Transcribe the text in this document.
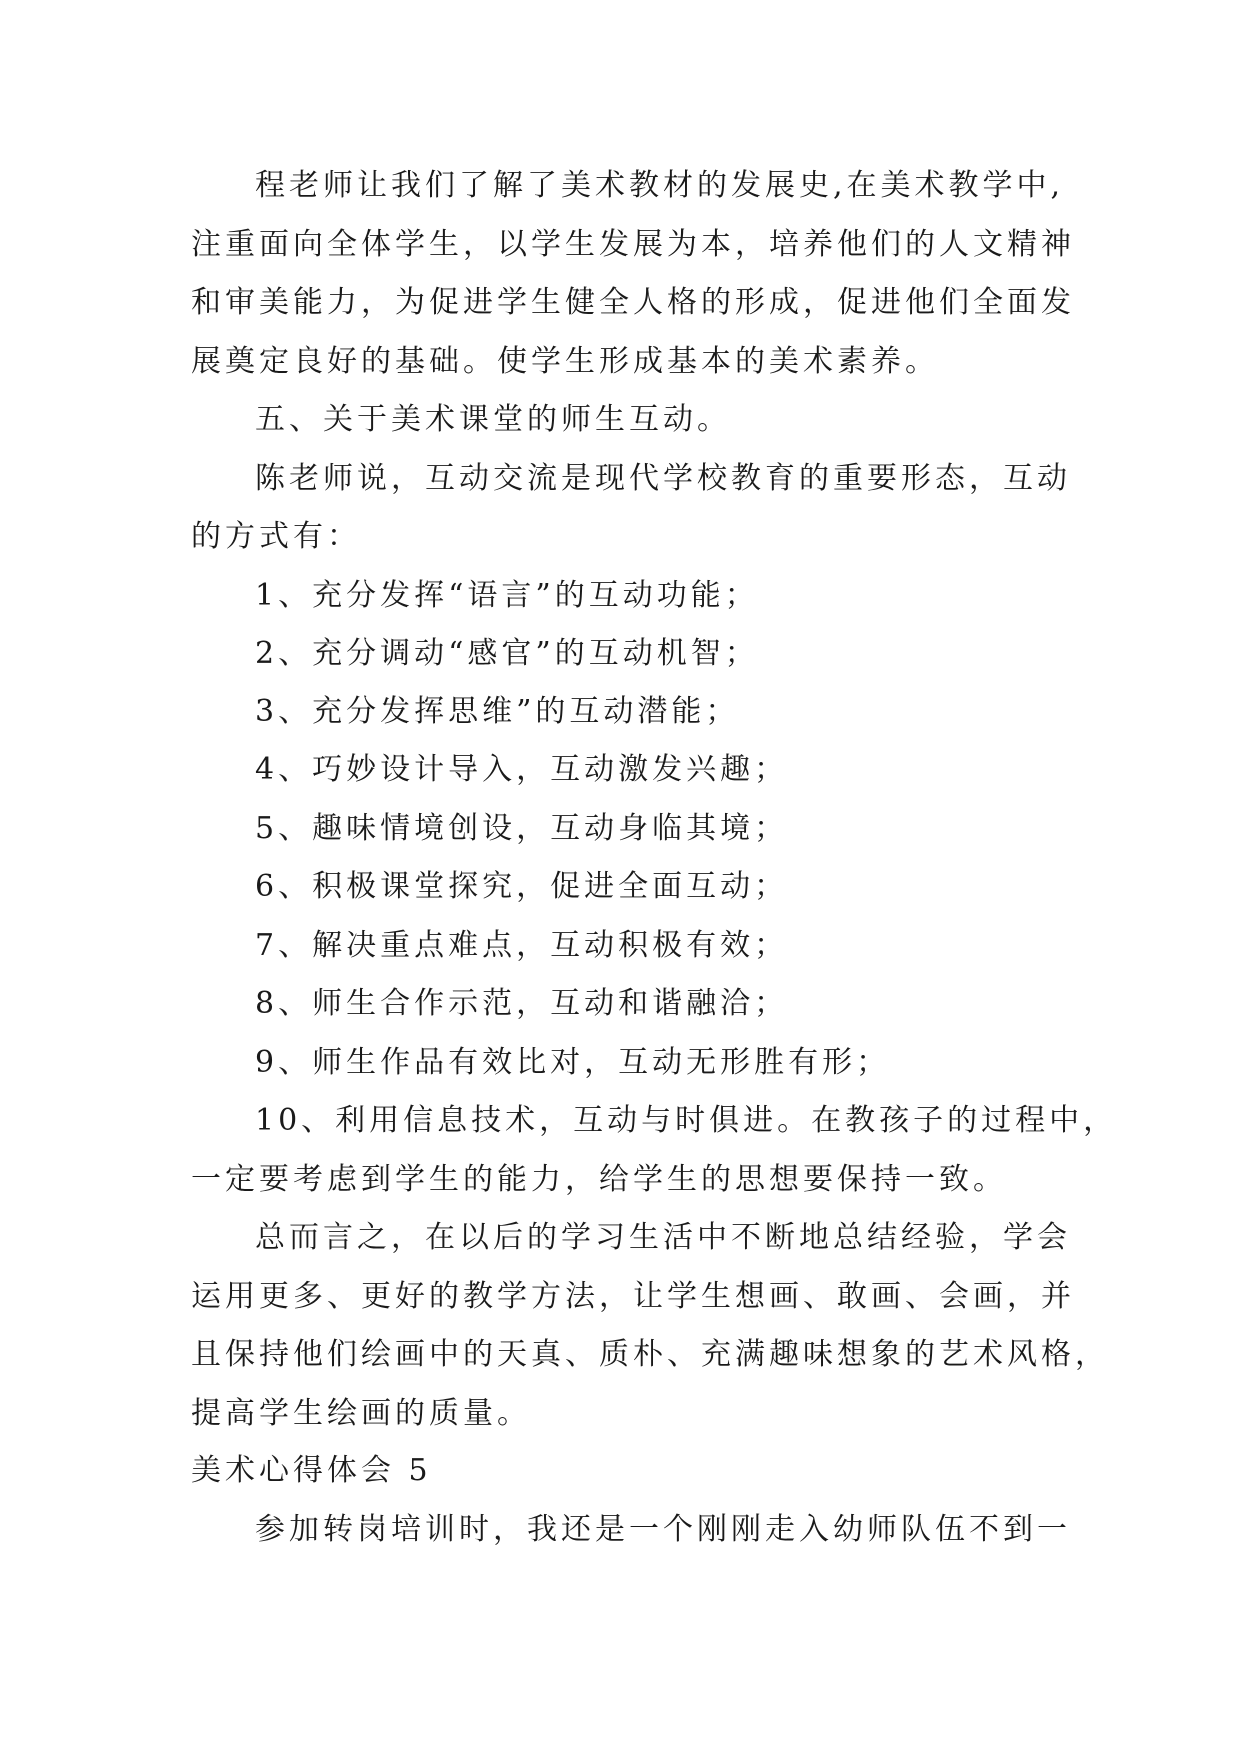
程老师让我们了解了美术教材的发展史,在美术教学中,
注重面向全体学生，以学生发展为本，培养他们的人文精神
和审美能力，为促进学生健全人格的形成，促进他们全面发
展奠定良好的基础。使学生形成基本的美术素养。
五、关于美术课堂的师生互动。
陈老师说，互动交流是现代学校教育的重要形态，互动
的方式有：
1、充分发挥“语言”的互动功能；
2、充分调动“感官”的互动机智；
3、充分发挥思维”的互动潜能；
4、巧妙设计导入，互动激发兴趣；
5、趣味情境创设，互动身临其境；
6、积极课堂探究，促进全面互动；
7、解决重点难点，互动积极有效；
8、师生合作示范，互动和谐融洽；
9、师生作品有效比对，互动无形胜有形；
10、利用信息技术，互动与时俱进。在教孩子的过程中，
一定要考虑到学生的能力，给学生的思想要保持一致。
总而言之，在以后的学习生活中不断地总结经验，学会
运用更多、更好的教学方法，让学生想画、敢画、会画，并
且保持他们绘画中的天真、质朴、充满趣味想象的艺术风格，
提高学生绘画的质量。
美术心得体会 5
参加转岗培训时，我还是一个刚刚走入幼师队伍不到一
